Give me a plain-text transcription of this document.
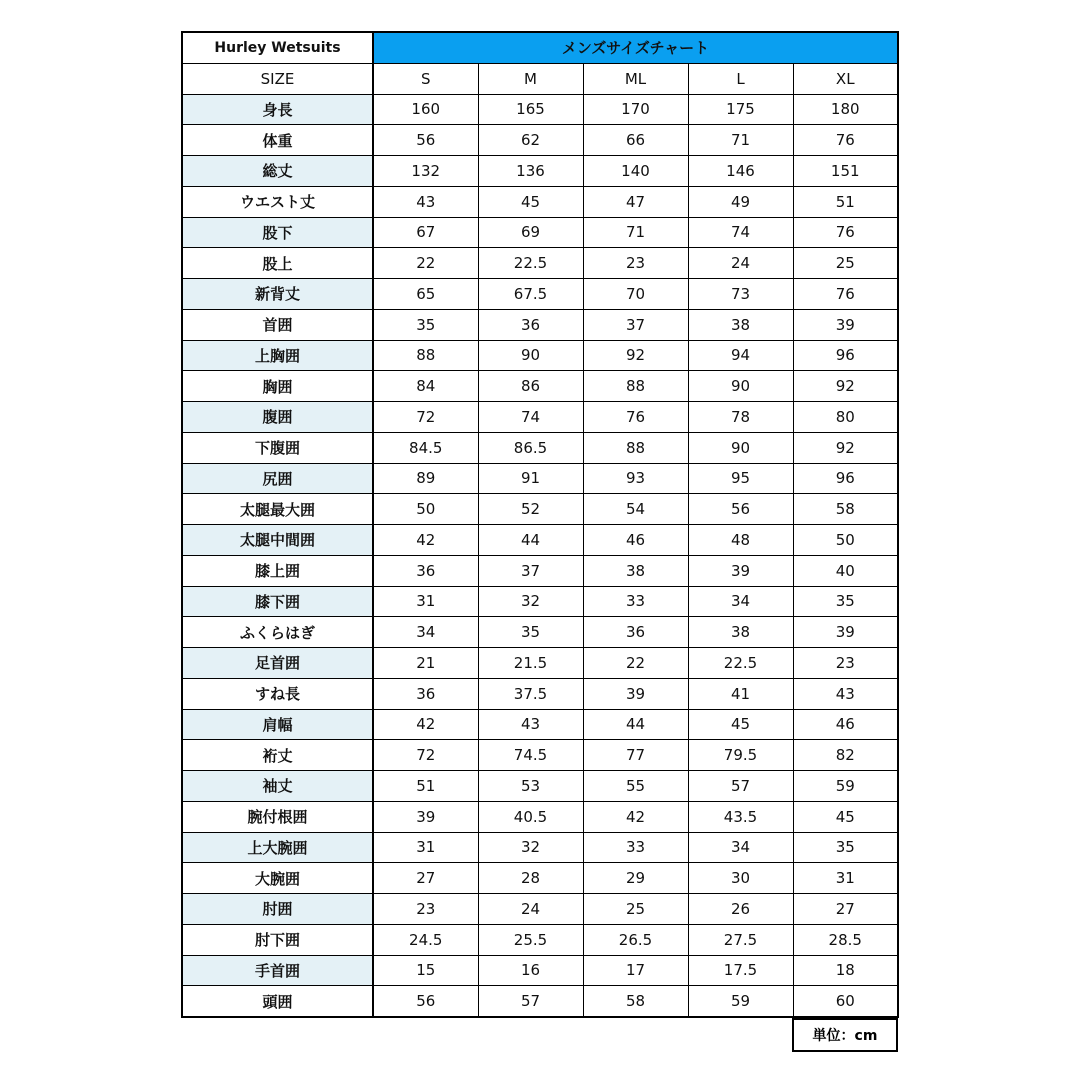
Hurley Wetsuits	メンズサイズチャート				
SIZE	S	M	ML	L	XL
身長	160	165	170	175	180
体重	56	62	66	71	76
総丈	132	136	140	146	151
ウエスト丈	43	45	47	49	51
股下	67	69	71	74	76
股上	22	22.5	23	24	25
新背丈	65	67.5	70	73	76
首囲	35	36	37	38	39
上胸囲	88	90	92	94	96
胸囲	84	86	88	90	92
腹囲	72	74	76	78	80
下腹囲	84.5	86.5	88	90	92
尻囲	89	91	93	95	96
太腿最大囲	50	52	54	56	58
太腿中間囲	42	44	46	48	50
膝上囲	36	37	38	39	40
膝下囲	31	32	33	34	35
ふくらはぎ	34	35	36	38	39
足首囲	21	21.5	22	22.5	23
すね長	36	37.5	39	41	43
肩幅	42	43	44	45	46
裄丈	72	74.5	77	79.5	82
袖丈	51	53	55	57	59
腕付根囲	39	40.5	42	43.5	45
上大腕囲	31	32	33	34	35
大腕囲	27	28	29	30	31
肘囲	23	24	25	26	27
肘下囲	24.5	25.5	26.5	27.5	28.5
手首囲	15	16	17	17.5	18
頭囲	56	57	58	59	60
単位：cm
